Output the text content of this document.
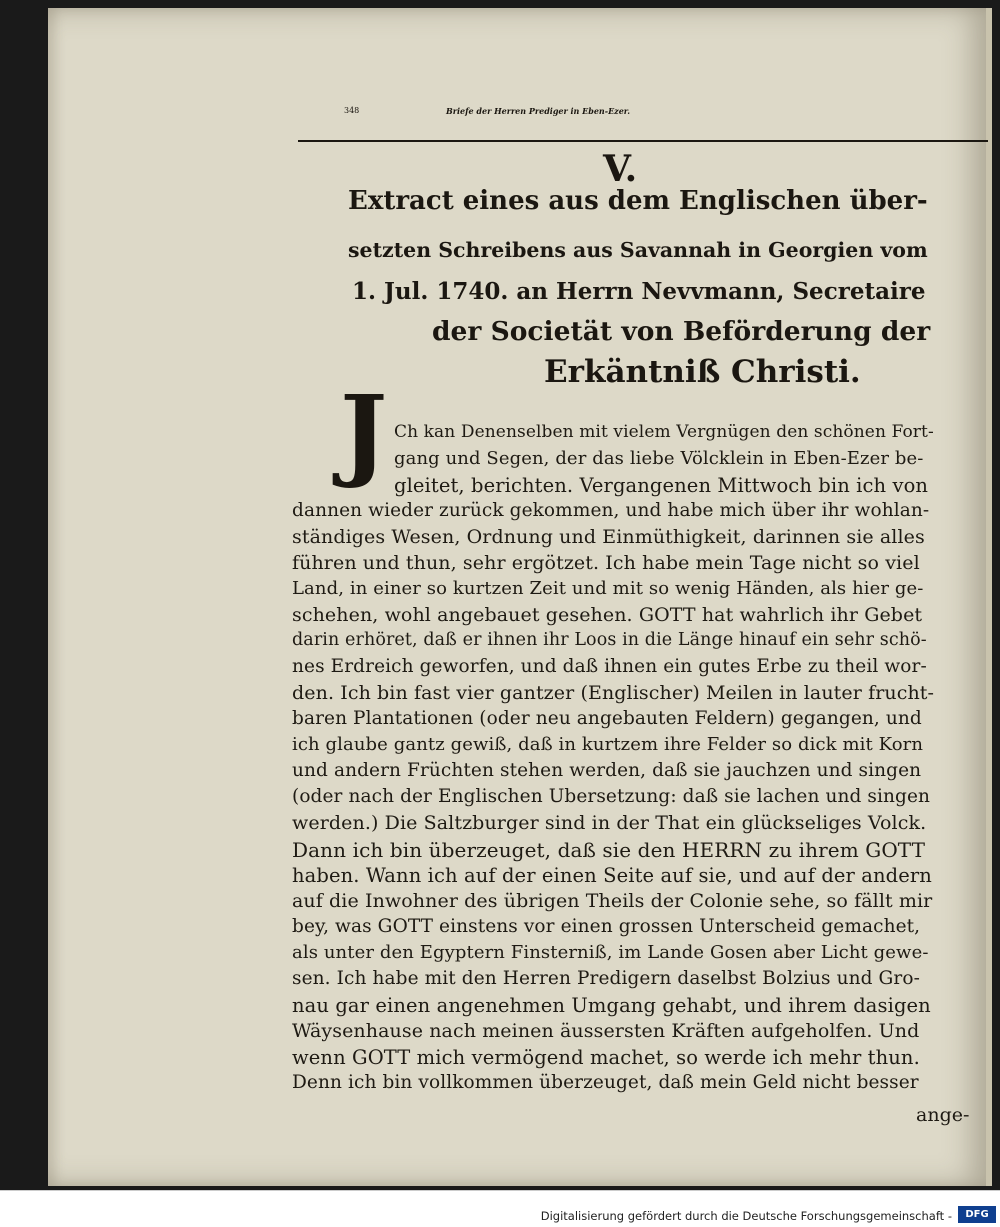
348	Briefe der Herren Prediger in Eben-Ezer.
V.
Extract eines aus dem Englischen über-
setzten Schreibens aus Savannah in Georgien vom
1. Jul. 1740. an Herrn Nevvmann, Secretaire
der Societät von Beförderung der
Erkäntniß Christi.
J Ch kan Denenselben mit vielem Vergnügen den schönen Fort-
gang und Segen, der das liebe Völcklein in Eben-Ezer be-
gleitet, berichten. Vergangenen Mittwoch bin ich von
dannen wieder zurück gekommen, und habe mich über ihr wohlan-
ständiges Wesen, Ordnung und Einmüthigkeit, darinnen sie alles
führen und thun, sehr ergötzet. Ich habe mein Tage nicht so viel
Land, in einer so kurtzen Zeit und mit so wenig Händen, als hier ge-
schehen, wohl angebauet gesehen. GOTT hat wahrlich ihr Gebet
darin erhöret, daß er ihnen ihr Loos in die Länge hinauf ein sehr schö-
nes Erdreich geworfen, und daß ihnen ein gutes Erbe zu theil wor-
den. Ich bin fast vier gantzer (Englischer) Meilen in lauter frucht-
baren Plantationen (oder neu angebauten Feldern) gegangen, und
ich glaube gantz gewiß, daß in kurtzem ihre Felder so dick mit Korn
und andern Früchten stehen werden, daß sie jauchzen und singen
(oder nach der Englischen Ubersetzung: daß sie lachen und singen
werden.) Die Saltzburger sind in der That ein glückseliges Volck.
Dann ich bin überzeuget, daß sie den HERRN zu ihrem GOTT
haben. Wann ich auf der einen Seite auf sie, und auf der andern
auf die Inwohner des übrigen Theils der Colonie sehe, so fällt mir
bey, was GOTT einstens vor einen grossen Unterscheid gemachet,
als unter den Egyptern Finsterniß, im Lande Gosen aber Licht gewe-
sen. Ich habe mit den Herren Predigern daselbst Bolzius und Gro-
nau gar einen angenehmen Umgang gehabt, und ihrem dasigen
Wäysenhause nach meinen äussersten Kräften aufgeholfen. Und
wenn GOTT mich vermögend machet, so werde ich mehr thun.
Denn ich bin vollkommen überzeuget, daß mein Geld nicht besser
ange-
Digitalisierung gefördert durch die Deutsche Forschungsgemeinschaft -	DFG
